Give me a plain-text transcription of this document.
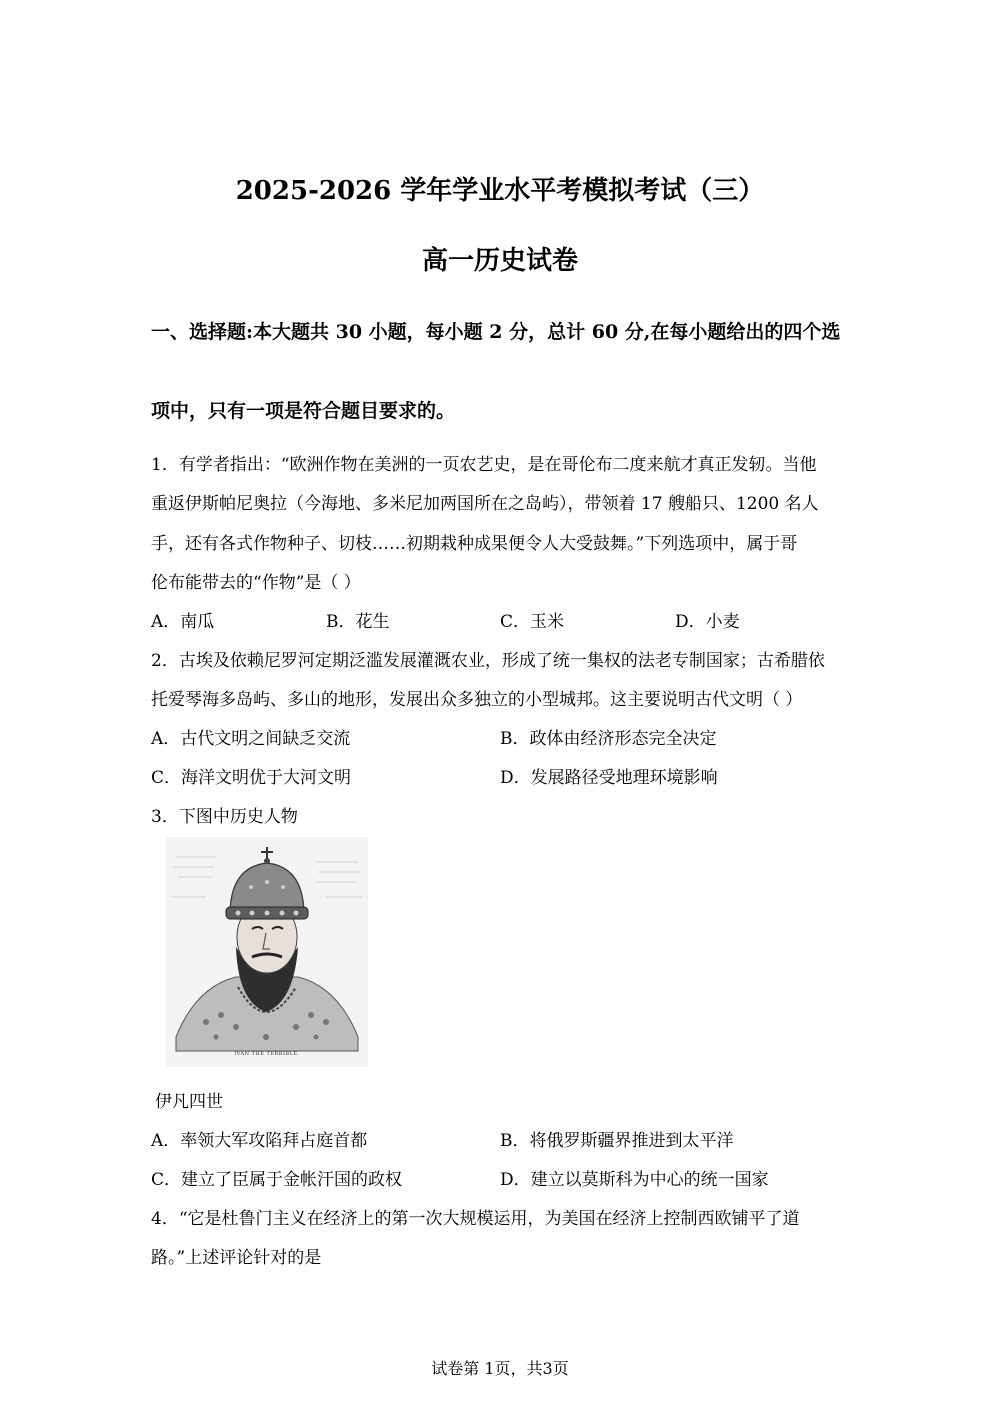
2025-2026 学年学业水平考模拟考试（三）
高一历史试卷
一、选择题:本大题共 30 小题，每小题 2 分，总计 60 分,在每小题给出的四个选
项中，只有一项是符合题目要求的。
1．有学者指出：“欧洲作物在美洲的一页农艺史，是在哥伦布二度来航才真正发轫。当他
重返伊斯帕尼奥拉（今海地、多米尼加两国所在之岛屿），带领着 17 艘船只、1200 名人
手，还有各式作物种子、切枝……初期栽种成果便令人大受鼓舞。”下列选项中，属于哥
伦布能带去的“作物”是（ ）
A．南瓜	B．花生	C．玉米	D．小麦
2．古埃及依赖尼罗河定期泛滥发展灌溉农业，形成了统一集权的法老专制国家；古希腊依
托爱琴海多岛屿、多山的地形，发展出众多独立的小型城邦。这主要说明古代文明（ ）
A．古代文明之间缺乏交流	B．政体由经济形态完全决定
C．海洋文明优于大河文明	D．发展路径受地理环境影响
3．下图中历史人物
IVAN THE TERRIBLE.
伊凡四世
A．率领大军攻陷拜占庭首都	B．将俄罗斯疆界推进到太平洋
C．建立了臣属于金帐汗国的政权	D．建立以莫斯科为中心的统一国家
4．“它是杜鲁门主义在经济上的第一次大规模运用，为美国在经济上控制西欧铺平了道
路。”上述评论针对的是
试卷第 1页，共3页
